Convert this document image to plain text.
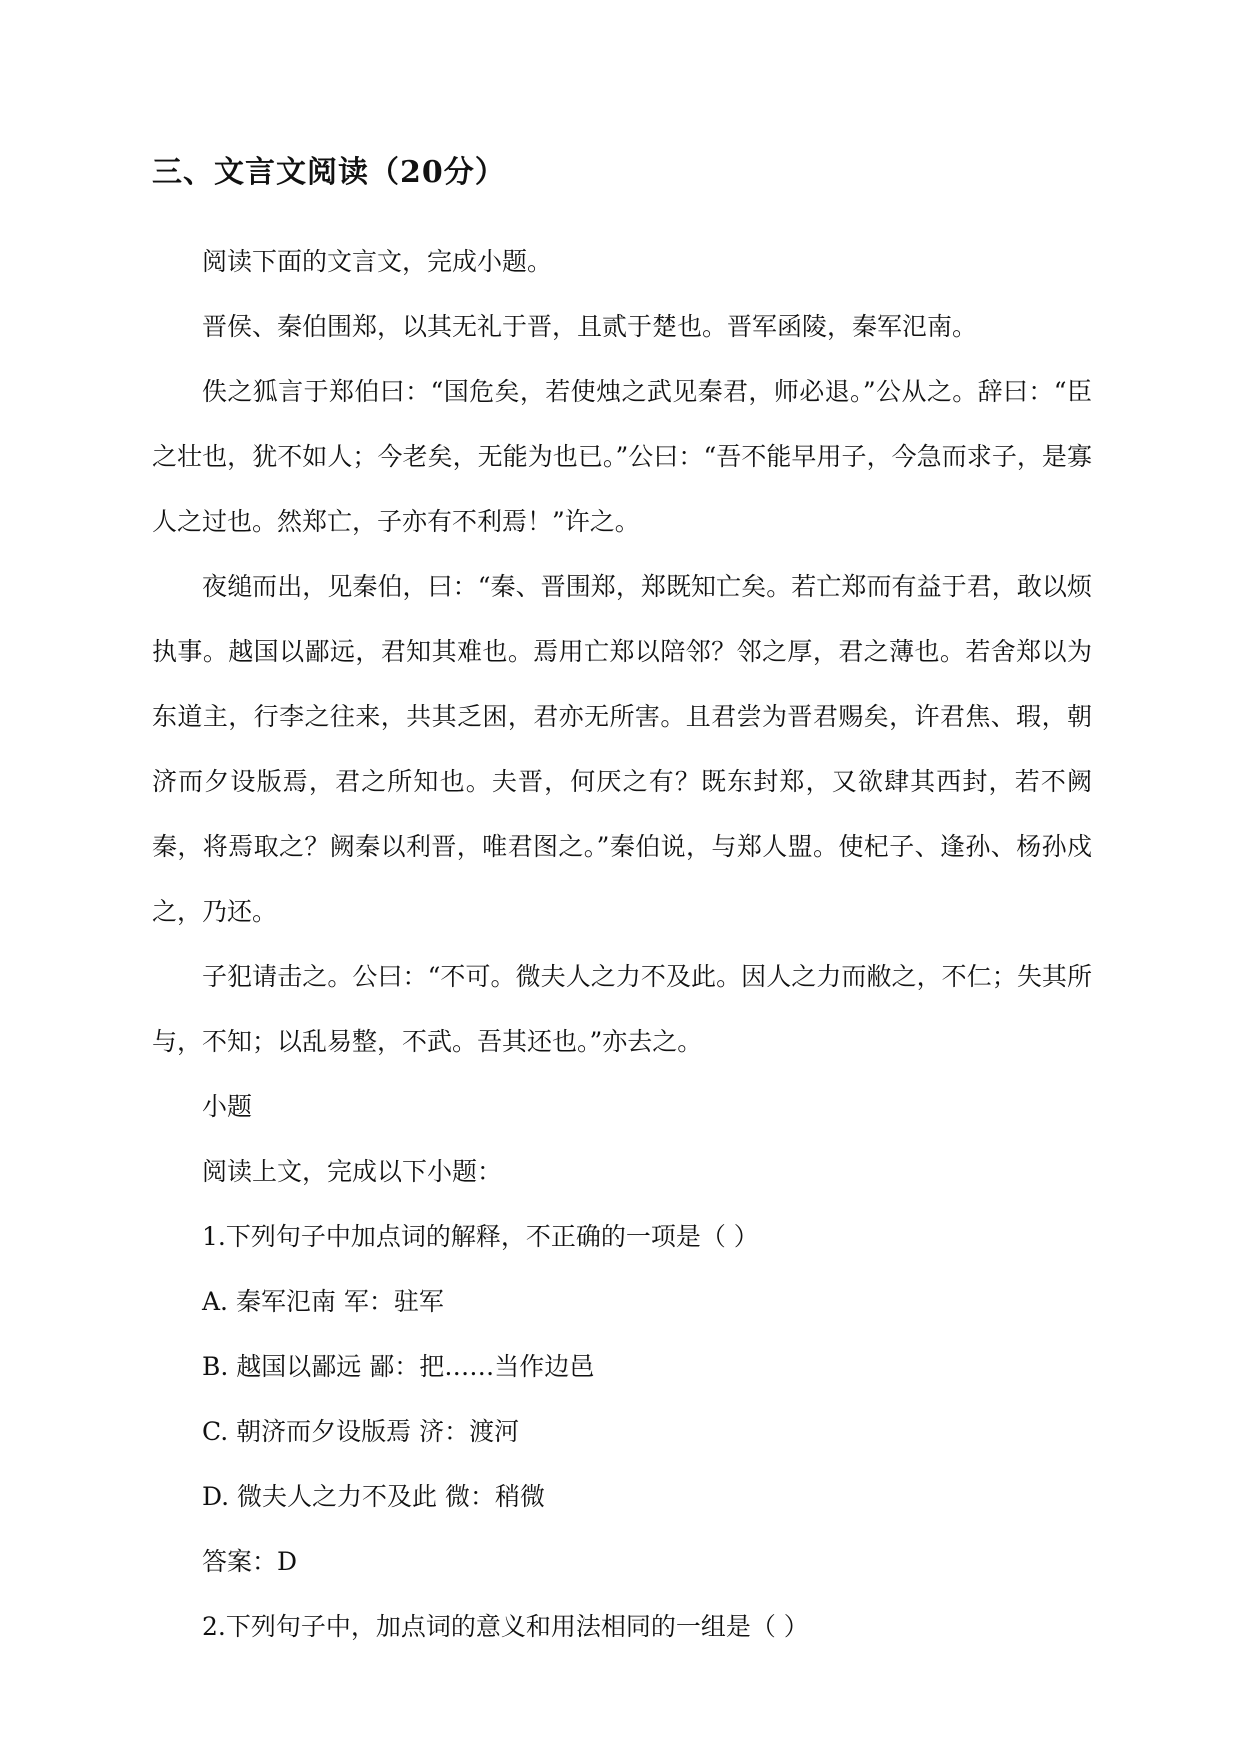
三、文言文阅读（20分）

阅读下面的文言文，完成小题。

晋侯、秦伯围郑，以其无礼于晋，且贰于楚也。晋军函陵，秦军氾南。

佚之狐言于郑伯曰：“国危矣，若使烛之武见秦君，师必退。”公从之。辞曰：“臣之壮也，犹不如人；今老矣，无能为也已。”公曰：“吾不能早用子，今急而求子，是寡人之过也。然郑亡，子亦有不利焉！”许之。

夜缒而出，见秦伯，曰：“秦、晋围郑，郑既知亡矣。若亡郑而有益于君，敢以烦执事。越国以鄙远，君知其难也。焉用亡郑以陪邻？邻之厚，君之薄也。若舍郑以为东道主，行李之往来，共其乏困，君亦无所害。且君尝为晋君赐矣，许君焦、瑕，朝济而夕设版焉，君之所知也。夫晋，何厌之有？既东封郑，又欲肆其西封，若不阙秦，将焉取之？阙秦以利晋，唯君图之。”秦伯说，与郑人盟。使杞子、逢孙、杨孙戍之，乃还。

子犯请击之。公曰：“不可。微夫人之力不及此。因人之力而敝之，不仁；失其所与，不知；以乱易整，不武。吾其还也。”亦去之。

小题

阅读上文，完成以下小题：

1.下列句子中加点词的解释，不正确的一项是（ ）

A. 秦军氾南 军：驻军

B. 越国以鄙远 鄙：把……当作边邑

C. 朝济而夕设版焉 济：渡河

D. 微夫人之力不及此 微：稍微

答案：D

2.下列句子中，加点词的意义和用法相同的一组是（ ）
